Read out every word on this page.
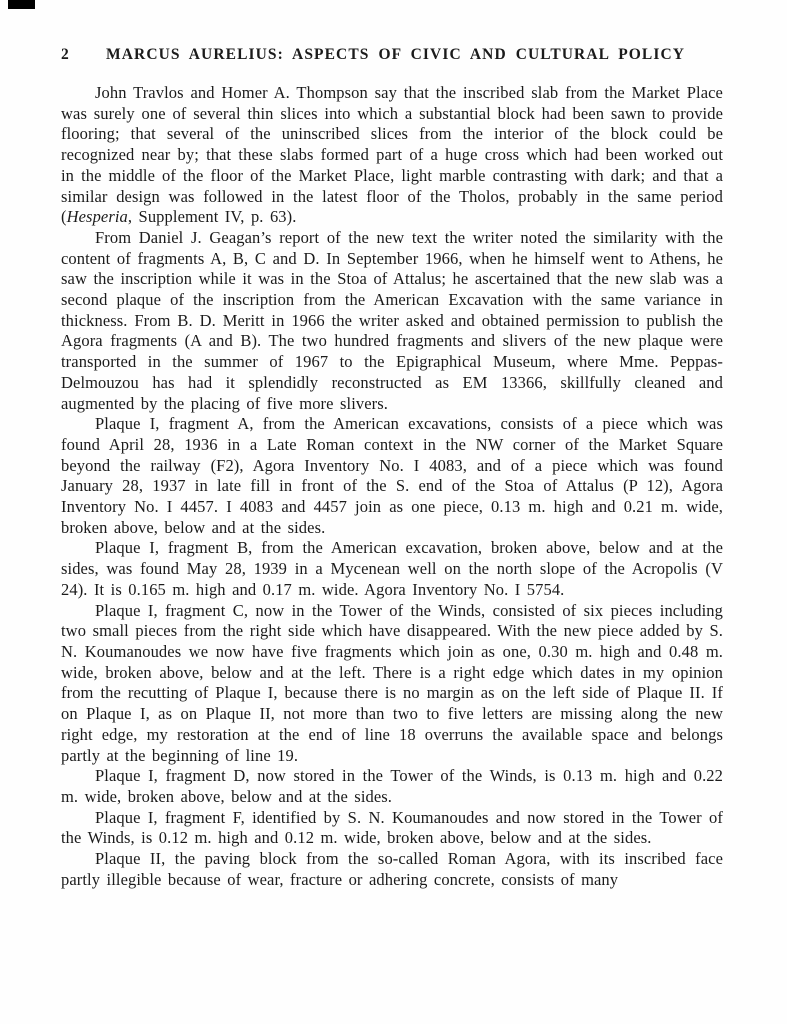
2	MARCUS AURELIUS: ASPECTS OF CIVIC AND CULTURAL POLICY

John Travlos and Homer A. Thompson say that the inscribed slab from the Market Place was surely one of several thin slices into which a substantial block had been sawn to provide flooring; that several of the uninscribed slices from the interior of the block could be recognized near by; that these slabs formed part of a huge cross which had been worked out in the middle of the floor of the Market Place, light marble contrasting with dark; and that a similar design was followed in the latest floor of the Tholos, probably in the same period (Hesperia, Supplement IV, p. 63).

From Daniel J. Geagan’s report of the new text the writer noted the similarity with the content of fragments A, B, C and D. In September 1966, when he himself went to Athens, he saw the inscription while it was in the Stoa of Attalus; he ascertained that the new slab was a second plaque of the inscription from the American Excavation with the same variance in thickness. From B. D. Meritt in 1966 the writer asked and obtained permission to publish the Agora fragments (A and B). The two hundred fragments and slivers of the new plaque were transported in the summer of 1967 to the Epigraphical Museum, where Mme. Peppas-Delmouzou has had it splendidly reconstructed as EM 13366, skillfully cleaned and augmented by the placing of five more slivers.

Plaque I, fragment A, from the American excavations, consists of a piece which was found April 28, 1936 in a Late Roman context in the NW corner of the Market Square beyond the railway (F2), Agora Inventory No. I 4083, and of a piece which was found January 28, 1937 in late fill in front of the S. end of the Stoa of Attalus (P 12), Agora Inventory No. I 4457. I 4083 and 4457 join as one piece, 0.13 m. high and 0.21 m. wide, broken above, below and at the sides.

Plaque I, fragment B, from the American excavation, broken above, below and at the sides, was found May 28, 1939 in a Mycenean well on the north slope of the Acropolis (V 24). It is 0.165 m. high and 0.17 m. wide. Agora Inventory No. I 5754.

Plaque I, fragment C, now in the Tower of the Winds, consisted of six pieces including two small pieces from the right side which have disappeared. With the new piece added by S. N. Koumanoudes we now have five fragments which join as one, 0.30 m. high and 0.48 m. wide, broken above, below and at the left. There is a right edge which dates in my opinion from the recutting of Plaque I, because there is no margin as on the left side of Plaque II. If on Plaque I, as on Plaque II, not more than two to five letters are missing along the new right edge, my restoration at the end of line 18 overruns the available space and belongs partly at the beginning of line 19.

Plaque I, fragment D, now stored in the Tower of the Winds, is 0.13 m. high and 0.22 m. wide, broken above, below and at the sides.

Plaque I, fragment F, identified by S. N. Koumanoudes and now stored in the Tower of the Winds, is 0.12 m. high and 0.12 m. wide, broken above, below and at the sides.

Plaque II, the paving block from the so-called Roman Agora, with its inscribed face partly illegible because of wear, fracture or adhering concrete, consists of many
